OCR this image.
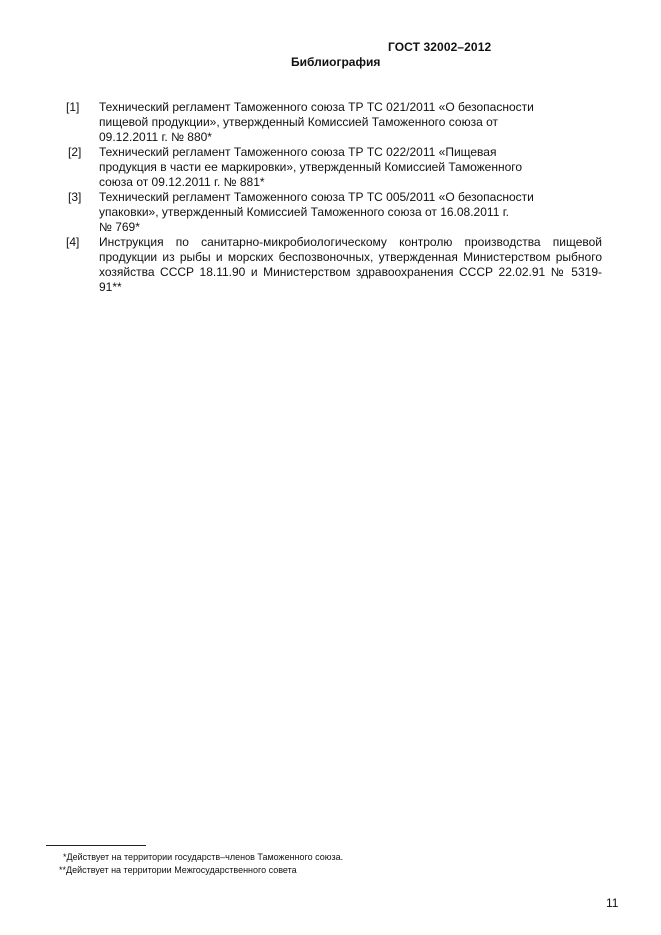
ГОСТ 32002–2012
Библиография
[1]	Технический регламент Таможенного союза ТР ТС 021/2011 «О безопасности
пищевой продукции», утвержденный Комиссией Таможенного союза от
09.12.2011 г. № 880*
[2]	Технический регламент Таможенного союза ТР ТС 022/2011 «Пищевая
продукция в части ее маркировки», утвержденный Комиссией Таможенного
союза от 09.12.2011 г. № 881*
[3]	Технический регламент Таможенного союза ТР ТС 005/2011 «О безопасности
упаковки», утвержденный Комиссией Таможенного союза от 16.08.2011 г.
№ 769*
[4]	Инструкция по санитарно-микробиологическому контролю производства пищевой продукции из рыбы и морских беспозвоночных, утвержденная Министерством рыбного хозяйства СССР 18.11.90 и Министерством здравоохранения СССР 22.02.91 № 5319-91**
*Действует на территории государств–членов Таможенного союза.
**Действует на территории Межгосударственного совета
11
